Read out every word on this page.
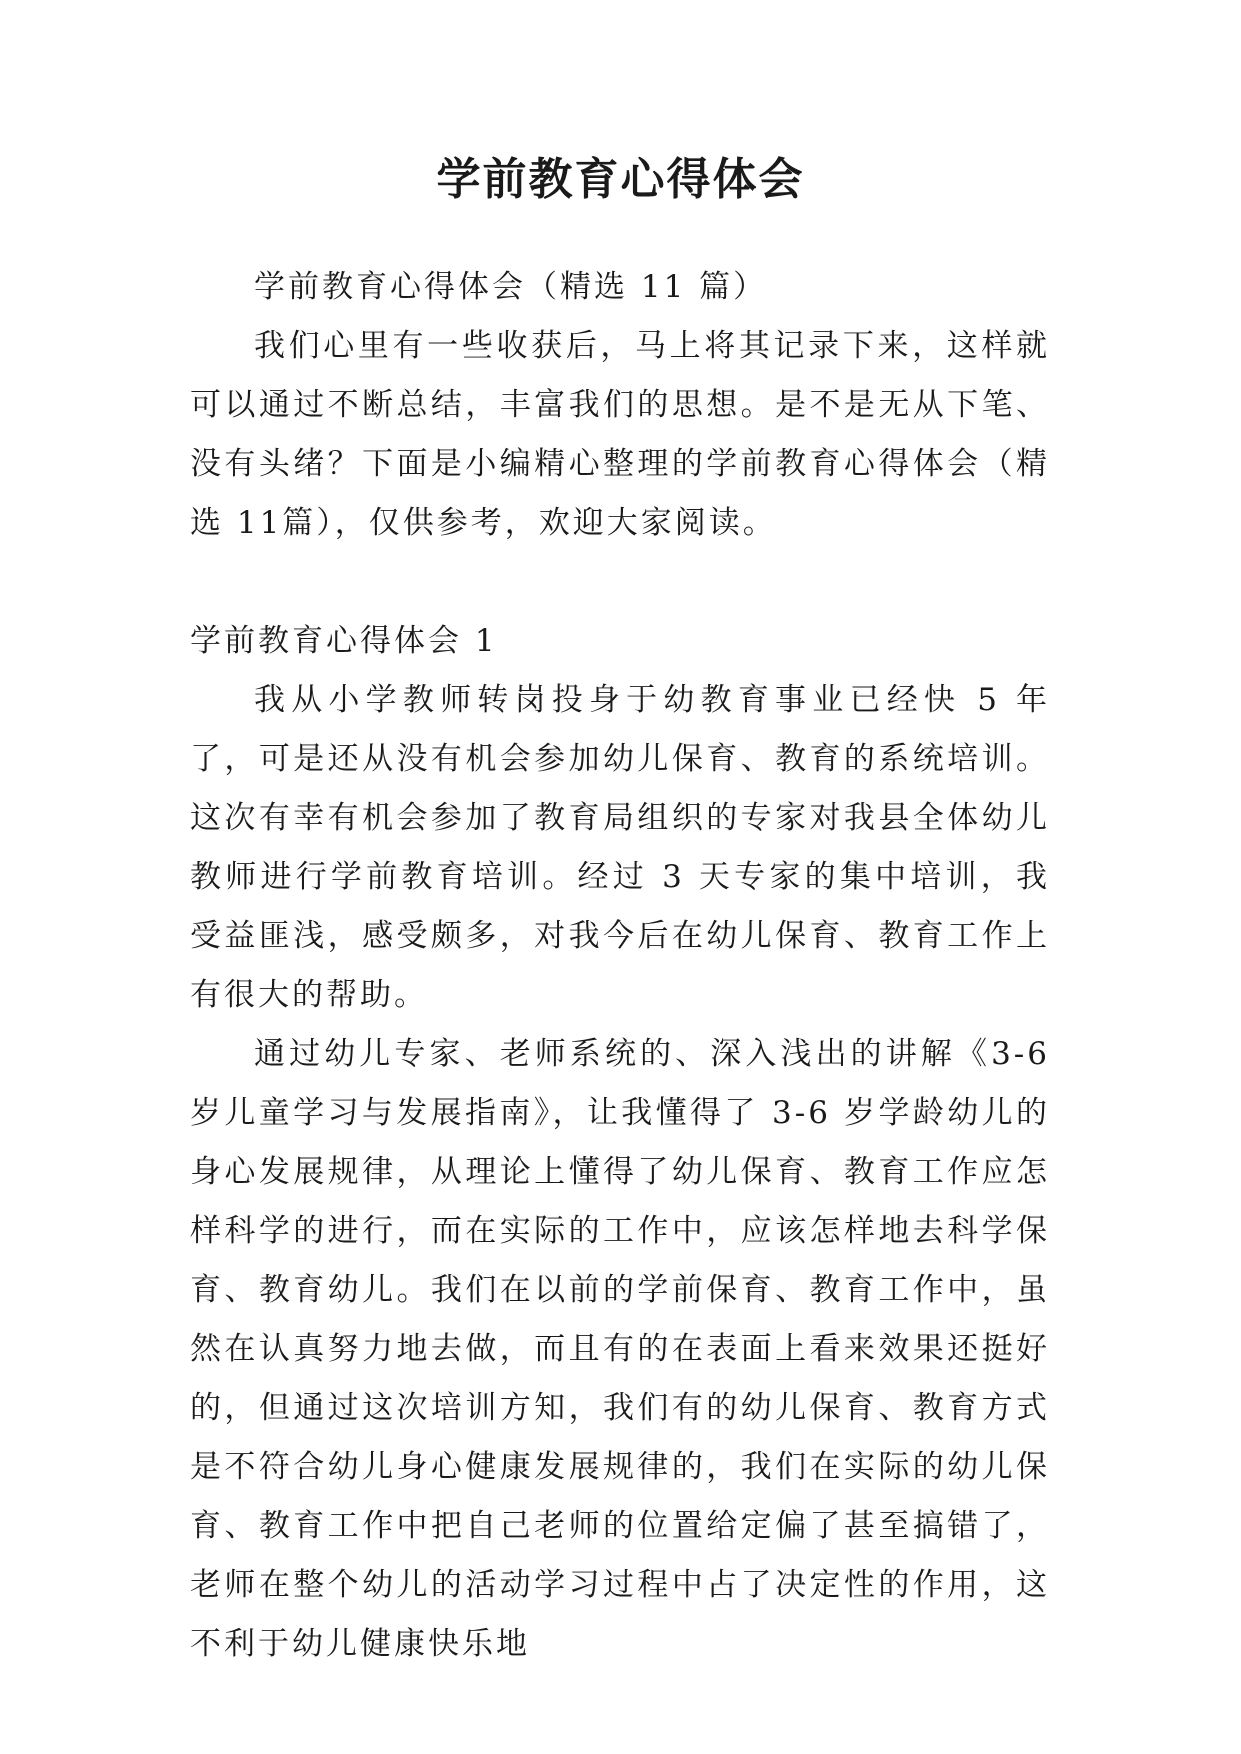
学前教育心得体会

学前教育心得体会（精选 11 篇）

我们心里有一些收获后，马上将其记录下来，这样就可以通过不断总结，丰富我们的思想。是不是无从下笔、没有头绪？下面是小编精心整理的学前教育心得体会（精选 11篇），仅供参考，欢迎大家阅读。

学前教育心得体会 1

我从小学教师转岗投身于幼教育事业已经快 5 年了，可是还从没有机会参加幼儿保育、教育的系统培训。这次有幸有机会参加了教育局组织的专家对我县全体幼儿教师进行学前教育培训。经过 3 天专家的集中培训，我受益匪浅，感受颇多，对我今后在幼儿保育、教育工作上有很大的帮助。

通过幼儿专家、老师系统的、深入浅出的讲解《3-6 岁儿童学习与发展指南》，让我懂得了 3-6 岁学龄幼儿的身心发展规律，从理论上懂得了幼儿保育、教育工作应怎样科学的进行，而在实际的工作中，应该怎样地去科学保育、教育幼儿。我们在以前的学前保育、教育工作中，虽然在认真努力地去做，而且有的在表面上看来效果还挺好的，但通过这次培训方知，我们有的幼儿保育、教育方式是不符合幼儿身心健康发展规律的，我们在实际的幼儿保育、教育工作中把自己老师的位置给定偏了甚至搞错了，老师在整个幼儿的活动学习过程中占了决定性的作用，这不利于幼儿健康快乐地
